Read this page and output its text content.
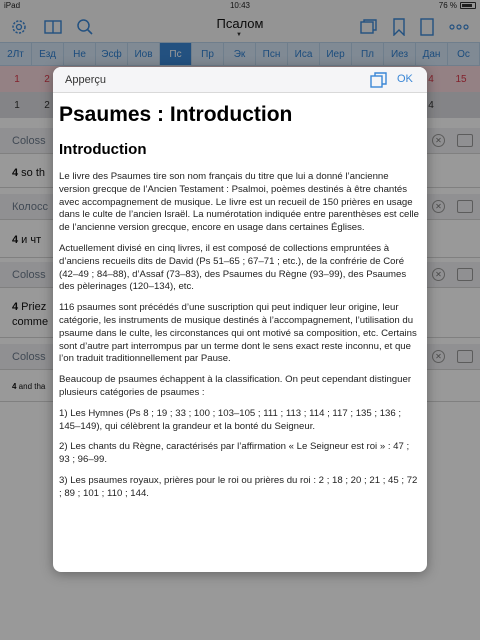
iPad	10:43	76 %
Псалом
▼
2Лт	Езд	Не	Эсф	Иов	Пс	Пр	Эк	Псн	Иса	Иер	Пл	Иез	Дан	Ос
1	2	4	15
1	2	4
Coloss	✕
4 so th
Колосс	✕
4 и чт
Coloss	✕
4 Priez
comme
Coloss	✕
4 and tha
Apperçu	OK
Psaumes : Introduction
Introduction

Le livre des Psaumes tire son nom français du titre que lui a donné l’ancienne version grecque de l’Ancien Testament : Psalmoi, poèmes destinés à être chantés avec accompagnement de musique. Le livre est un recueil de 150 prières en usage dans le culte de l’ancien Israël. La numérotation indiquée entre parenthèses est celle de l’ancienne version grecque, encore en usage dans certaines Églises.

Actuellement divisé en cinq livres, il est composé de collections empruntées à d’anciens recueils dits de David (Ps 51–65 ; 67–71 ; etc.), de la confrérie de Coré (42–49 ; 84–88), d’Assaf (73–83), des Psaumes du Règne (93–99), des Psaumes des pèlerinages (120–134), etc.

116 psaumes sont précédés d’une suscription qui peut indiquer leur origine, leur catégorie, les instruments de musique destinés à l’accompagnement, l’utilisation du psaume dans le culte, les circonstances qui ont motivé sa composition, etc. Certains sont d’autre part interrompus par un terme dont le sens exact reste inconnu, et que l’on traduit traditionnellement par Pause.

Beaucoup de psaumes échappent à la classification. On peut cependant distinguer plusieurs catégories de psaumes :

1) Les Hymnes (Ps 8 ; 19 ; 33 ; 100 ; 103–105 ; 111 ; 113 ; 114 ; 117 ; 135 ; 136 ; 145–149), qui célèbrent la grandeur et la bonté du Seigneur.

2) Les chants du Règne, caractérisés par l’affirmation « Le Seigneur est roi » : 47 ; 93 ; 96–99.

3) Les psaumes royaux, prières pour le roi ou prières du roi : 2 ; 18 ; 20 ; 21 ; 45 ; 72 ; 89 ; 101 ; 110 ; 144.
